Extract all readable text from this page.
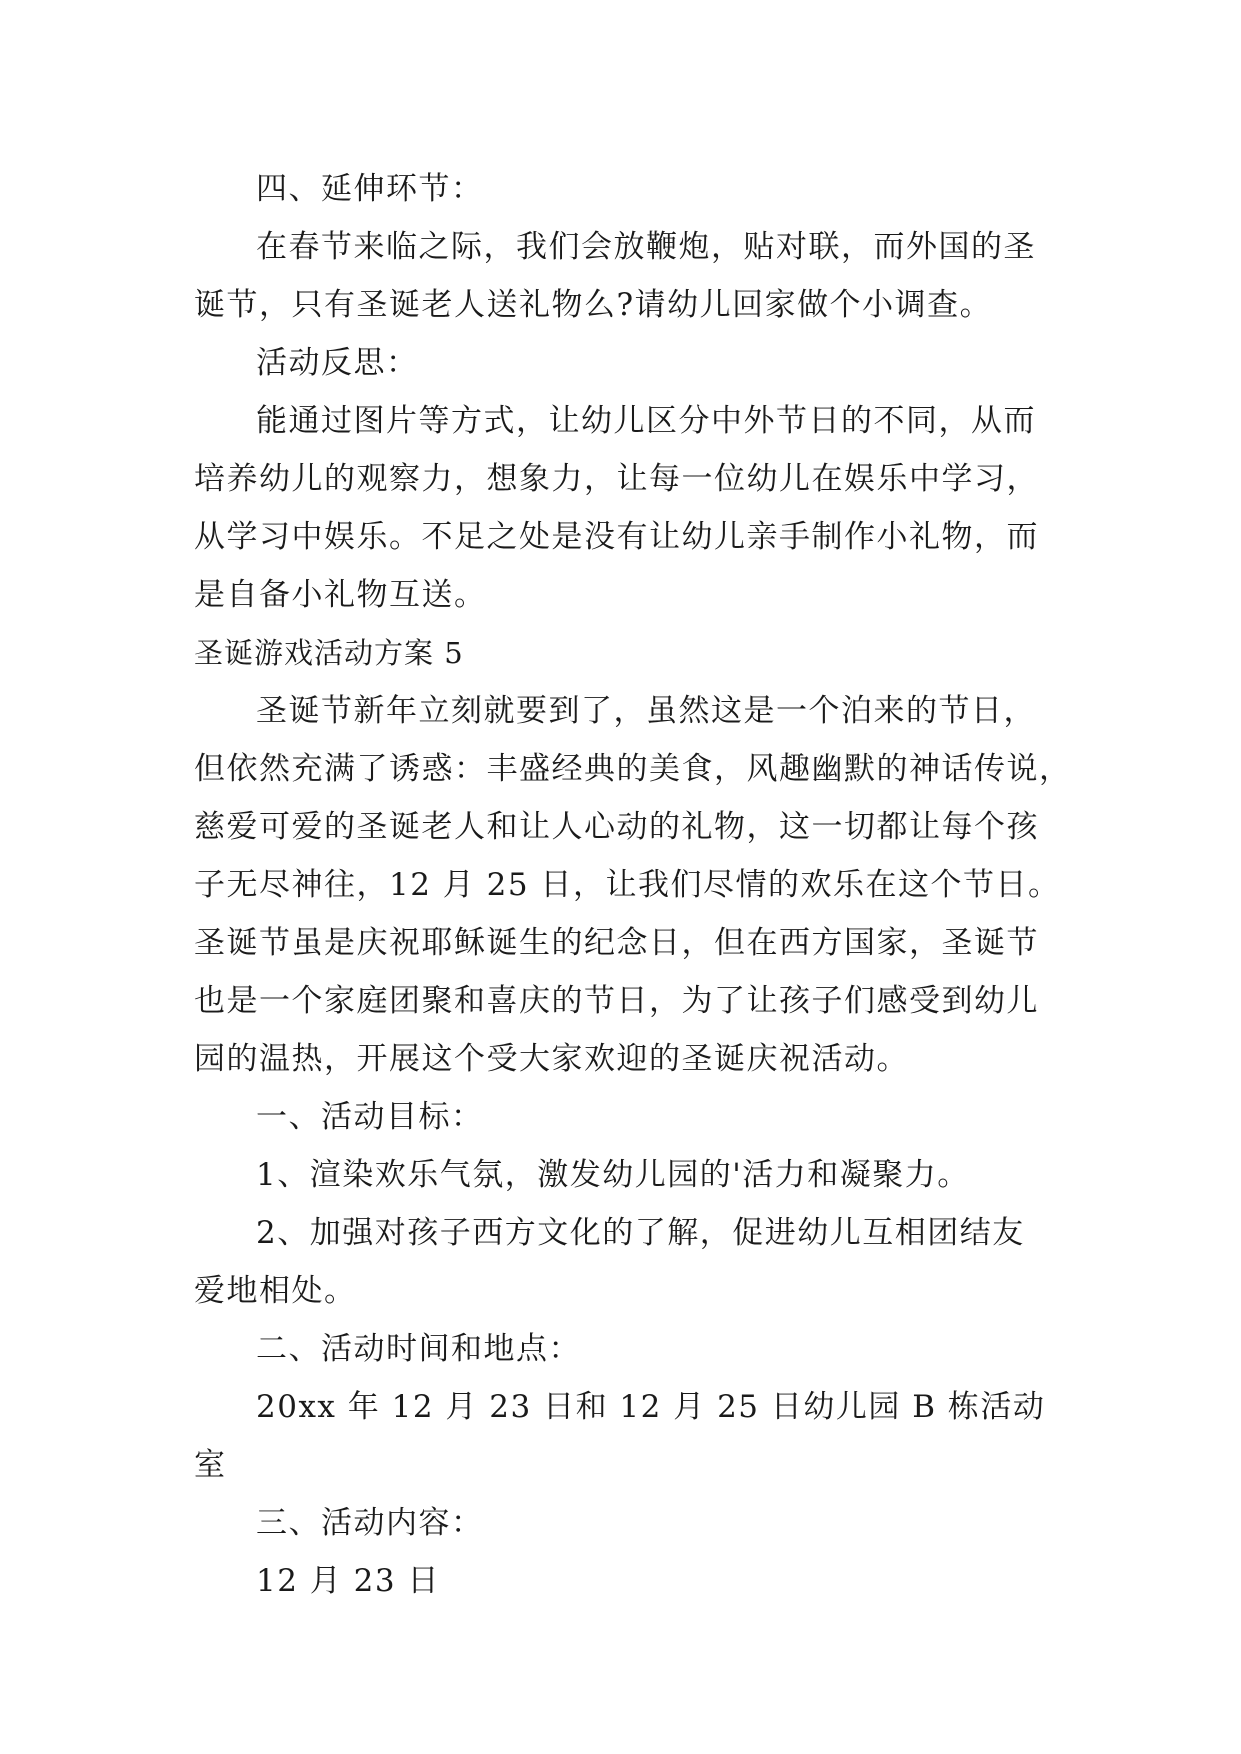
四、延伸环节：
在春节来临之际，我们会放鞭炮，贴对联，而外国的圣
诞节，只有圣诞老人送礼物么?请幼儿回家做个小调查。
活动反思：
能通过图片等方式，让幼儿区分中外节日的不同，从而
培养幼儿的观察力，想象力，让每一位幼儿在娱乐中学习，
从学习中娱乐。不足之处是没有让幼儿亲手制作小礼物，而
是自备小礼物互送。
圣诞游戏活动方案 5
圣诞节新年立刻就要到了，虽然这是一个泊来的节日，
但依然充满了诱惑：丰盛经典的美食，风趣幽默的神话传说，
慈爱可爱的圣诞老人和让人心动的礼物，这一切都让每个孩
子无尽神往，12 月 25 日，让我们尽情的欢乐在这个节日。
圣诞节虽是庆祝耶稣诞生的纪念日，但在西方国家，圣诞节
也是一个家庭团聚和喜庆的节日，为了让孩子们感受到幼儿
园的温热，开展这个受大家欢迎的圣诞庆祝活动。
一、活动目标：
1、渲染欢乐气氛，激发幼儿园的'活力和凝聚力。
2、加强对孩子西方文化的了解，促进幼儿互相团结友
爱地相处。
二、活动时间和地点：
20xx 年 12 月 23 日和 12 月 25 日幼儿园 B 栋活动室
三、活动内容：
12 月 23 日
